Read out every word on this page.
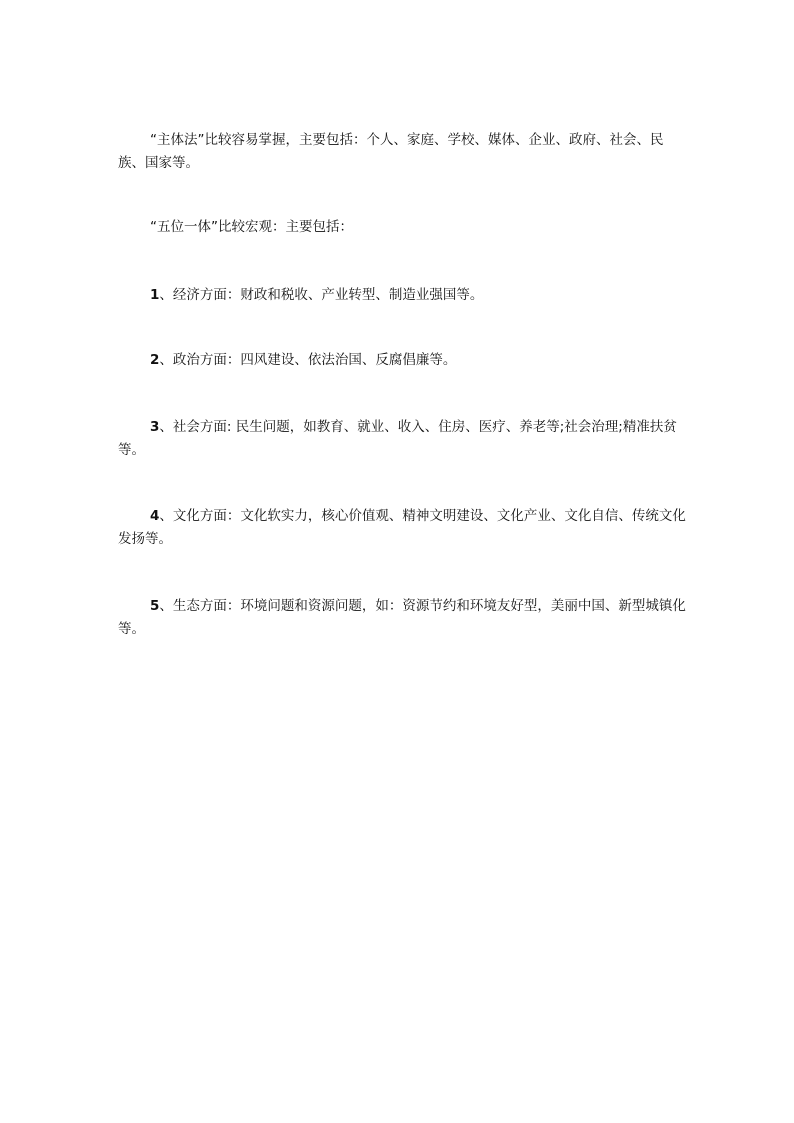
“主体法”比较容易掌握，主要包括：个人、家庭、学校、媒体、企业、政府、社会、民族、国家等。

“五位一体”比较宏观：主要包括：

1、经济方面：财政和税收、产业转型、制造业强国等。

2、政治方面：四风建设、依法治国、反腐倡廉等。

3、社会方面: 民生问题，如教育、就业、收入、住房、医疗、养老等;社会治理;精准扶贫等。

4、文化方面：文化软实力，核心价值观、精神文明建设、文化产业、文化自信、传统文化发扬等。

5、生态方面：环境问题和资源问题，如：资源节约和环境友好型，美丽中国、新型城镇化等。
